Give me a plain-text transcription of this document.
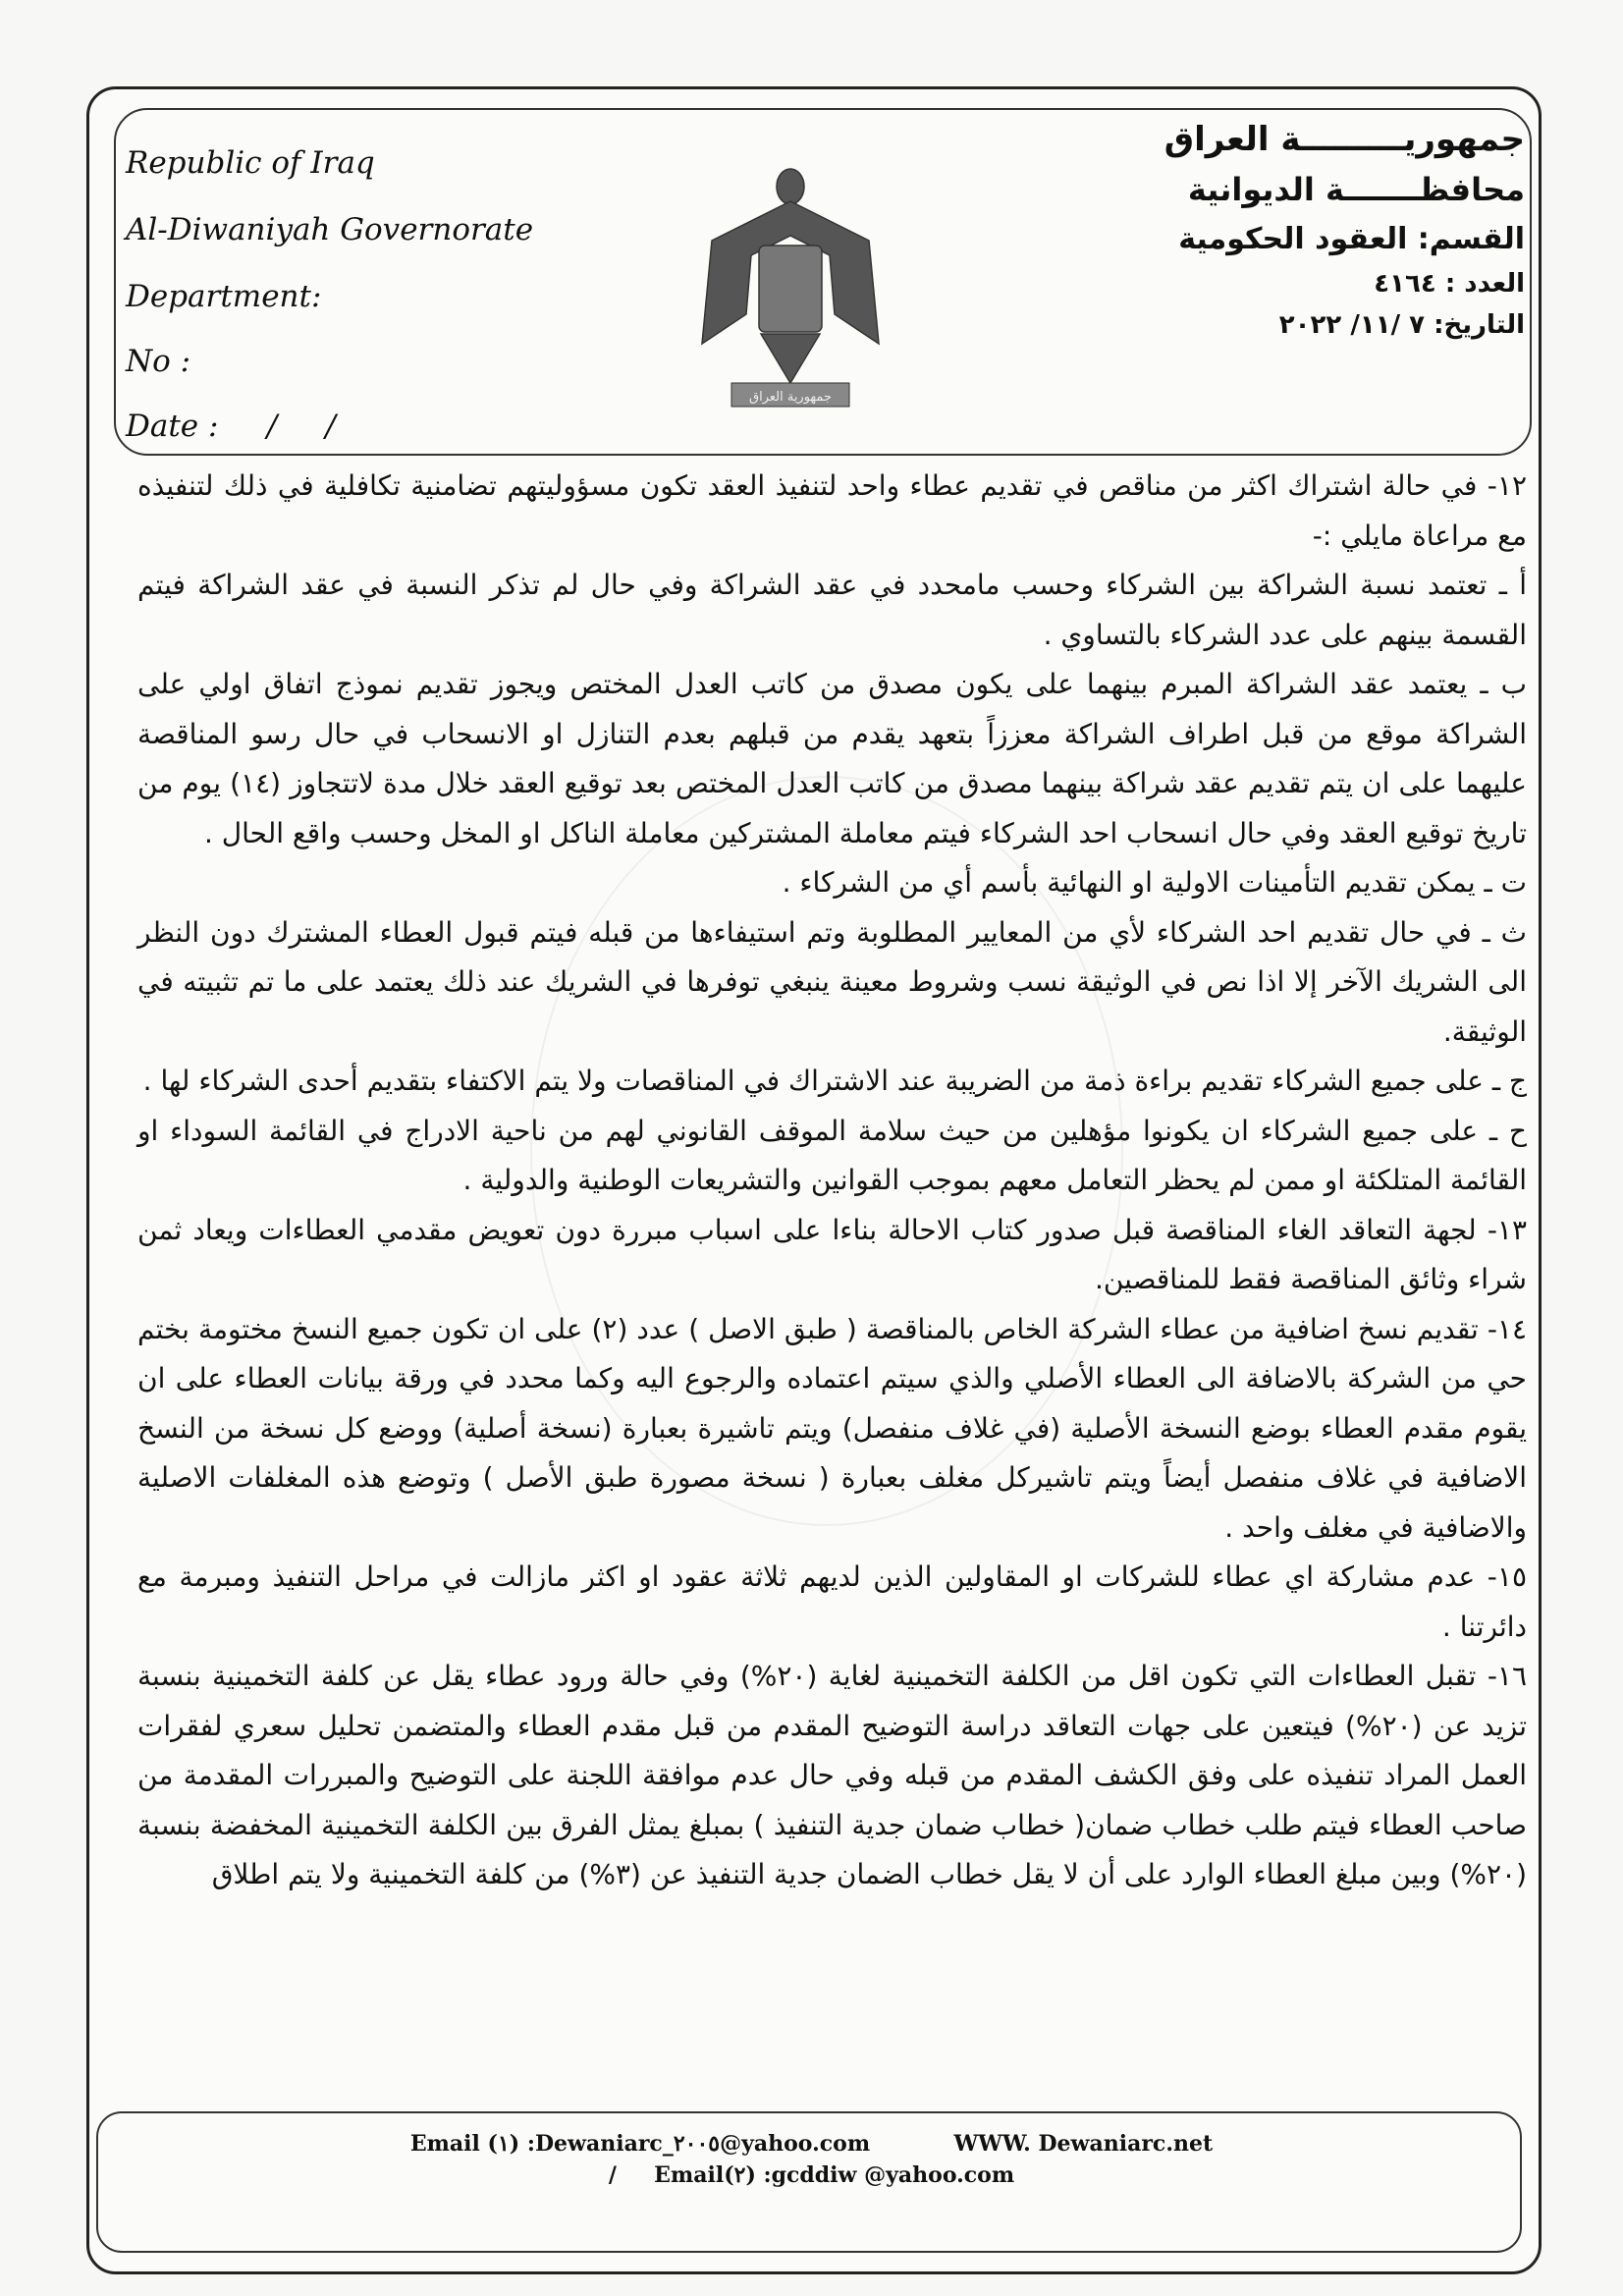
Republic of Iraq
Al-Diwaniyah Governorate
Department:
No :
Date :     /     /
جمهوريـــــــــة العراق
محافظـــــــة الديوانية
القسم: العقود الحكومية
العدد : ٤١٦٤
التاريخ: ٧ /١١/ ٢٠٢٢
جمهورية العراق

١٢- في حالة اشتراك اكثر من مناقص في تقديم عطاء واحد لتنفيذ العقد تكون مسؤوليتهم تضامنية تكافلية في ذلك لتنفيذه مع مراعاة مايلي :-

أ ـ تعتمد نسبة الشراكة بين الشركاء وحسب مامحدد في عقد الشراكة وفي حال لم تذكر النسبة في عقد الشراكة فيتم القسمة بينهم على عدد الشركاء بالتساوي .

ب ـ يعتمد عقد الشراكة المبرم بينهما على يكون مصدق من كاتب العدل المختص ويجوز تقديم نموذج اتفاق اولي على الشراكة موقع من قبل اطراف الشراكة معززاً بتعهد يقدم من قبلهم بعدم التنازل او الانسحاب في حال رسو المناقصة عليهما على ان يتم تقديم عقد شراكة بينهما مصدق من كاتب العدل المختص بعد توقيع العقد خلال مدة لاتتجاوز (١٤) يوم من تاريخ توقيع العقد وفي حال انسحاب احد الشركاء فيتم معاملة المشتركين معاملة الناكل او المخل وحسب واقع الحال .

ت ـ يمكن تقديم التأمينات الاولية او النهائية بأسم أي من الشركاء .

ث ـ في حال تقديم احد الشركاء لأي من المعايير المطلوبة وتم استيفاءها من قبله فيتم قبول العطاء المشترك دون النظر الى الشريك الآخر إلا اذا نص في الوثيقة نسب وشروط معينة ينبغي توفرها في الشريك عند ذلك يعتمد على ما تم تثبيته في الوثيقة.

ج ـ على جميع الشركاء تقديم براءة ذمة من الضريبة عند الاشتراك في المناقصات ولا يتم الاكتفاء بتقديم أحدى الشركاء لها .

ح ـ على جميع الشركاء ان يكونوا مؤهلين من حيث سلامة الموقف القانوني لهم من ناحية الادراج في القائمة السوداء او القائمة المتلكئة او ممن لم يحظر التعامل معهم بموجب القوانين والتشريعات الوطنية والدولية .

١٣- لجهة التعاقد الغاء المناقصة قبل صدور كتاب الاحالة بناءا على اسباب مبررة دون تعويض مقدمي العطاءات ويعاد ثمن شراء وثائق المناقصة فقط للمناقصين.

١٤- تقديم نسخ اضافية من عطاء الشركة الخاص بالمناقصة ( طبق الاصل ) عدد (٢) على ان تكون جميع النسخ مختومة بختم حي من الشركة بالاضافة الى العطاء الأصلي والذي سيتم اعتماده والرجوع اليه وكما محدد في ورقة بيانات العطاء على ان يقوم مقدم العطاء بوضع النسخة الأصلية (في غلاف منفصل) ويتم تاشيرة بعبارة (نسخة أصلية) ووضع كل نسخة من النسخ الاضافية في غلاف منفصل أيضاً ويتم تاشيركل مغلف بعبارة ( نسخة مصورة طبق الأصل ) وتوضع هذه المغلفات الاصلية والاضافية في مغلف واحد .

١٥- عدم مشاركة اي عطاء للشركات او المقاولين الذين لديهم ثلاثة عقود او اكثر مازالت في مراحل التنفيذ ومبرمة مع دائرتنا .

١٦- تقبل العطاءات التي تكون اقل من الكلفة التخمينية لغاية (٢٠%) وفي حالة ورود عطاء يقل عن كلفة التخمينية بنسبة تزيد عن (٢٠%) فيتعين على جهات التعاقد دراسة التوضيح المقدم من قبل مقدم العطاء والمتضمن تحليل سعري لفقرات العمل المراد تنفيذه على وفق الكشف المقدم من قبله وفي حال عدم موافقة اللجنة على التوضيح والمبررات المقدمة من صاحب العطاء فيتم طلب خطاب ضمان( خطاب ضمان جدية التنفيذ ) بمبلغ يمثل الفرق بين الكلفة التخمينية المخفضة بنسبة (٢٠%) وبين مبلغ العطاء الوارد على أن لا يقل خطاب الضمان جدية التنفيذ عن (٣%) من كلفة التخمينية ولا يتم اطلاق

Email (١) :Dewaniarc_٢٠٠٥@yahoo.com	WWW. Dewaniarc.net
/     Email(٢) :gcddiw @yahoo.com
